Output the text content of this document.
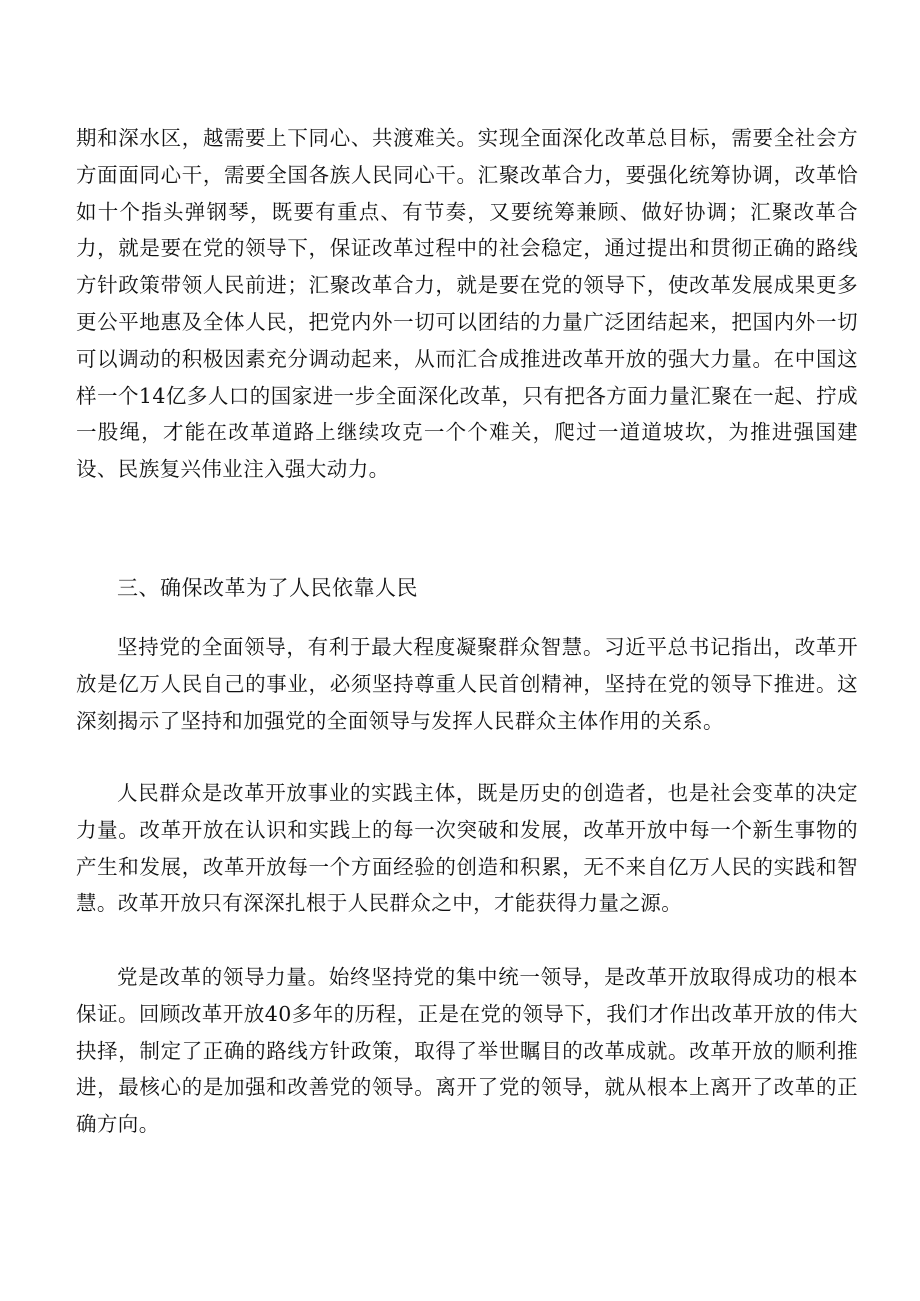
期和深水区，越需要上下同心、共渡难关。实现全面深化改革总目标，需要全社会方方面面同心干，需要全国各族人民同心干。汇聚改革合力，要强化统筹协调，改革恰如十个指头弹钢琴，既要有重点、有节奏，又要统筹兼顾、做好协调；汇聚改革合力，就是要在党的领导下，保证改革过程中的社会稳定，通过提出和贯彻正确的路线方针政策带领人民前进；汇聚改革合力，就是要在党的领导下，使改革发展成果更多更公平地惠及全体人民，把党内外一切可以团结的力量广泛团结起来，把国内外一切可以调动的积极因素充分调动起来，从而汇合成推进改革开放的强大力量。在中国这样一个14亿多人口的国家进一步全面深化改革，只有把各方面力量汇聚在一起、拧成一股绳，才能在改革道路上继续攻克一个个难关，爬过一道道坡坎，为推进强国建设、民族复兴伟业注入强大动力。

三、确保改革为了人民依靠人民

坚持党的全面领导，有利于最大程度凝聚群众智慧。习近平总书记指出，改革开放是亿万人民自己的事业，必须坚持尊重人民首创精神，坚持在党的领导下推进。这深刻揭示了坚持和加强党的全面领导与发挥人民群众主体作用的关系。

人民群众是改革开放事业的实践主体，既是历史的创造者，也是社会变革的决定力量。改革开放在认识和实践上的每一次突破和发展，改革开放中每一个新生事物的产生和发展，改革开放每一个方面经验的创造和积累，无不来自亿万人民的实践和智慧。改革开放只有深深扎根于人民群众之中，才能获得力量之源。

党是改革的领导力量。始终坚持党的集中统一领导，是改革开放取得成功的根本保证。回顾改革开放40多年的历程，正是在党的领导下，我们才作出改革开放的伟大抉择，制定了正确的路线方针政策，取得了举世瞩目的改革成就。改革开放的顺利推进，最核心的是加强和改善党的领导。离开了党的领导，就从根本上离开了改革的正确方向。
